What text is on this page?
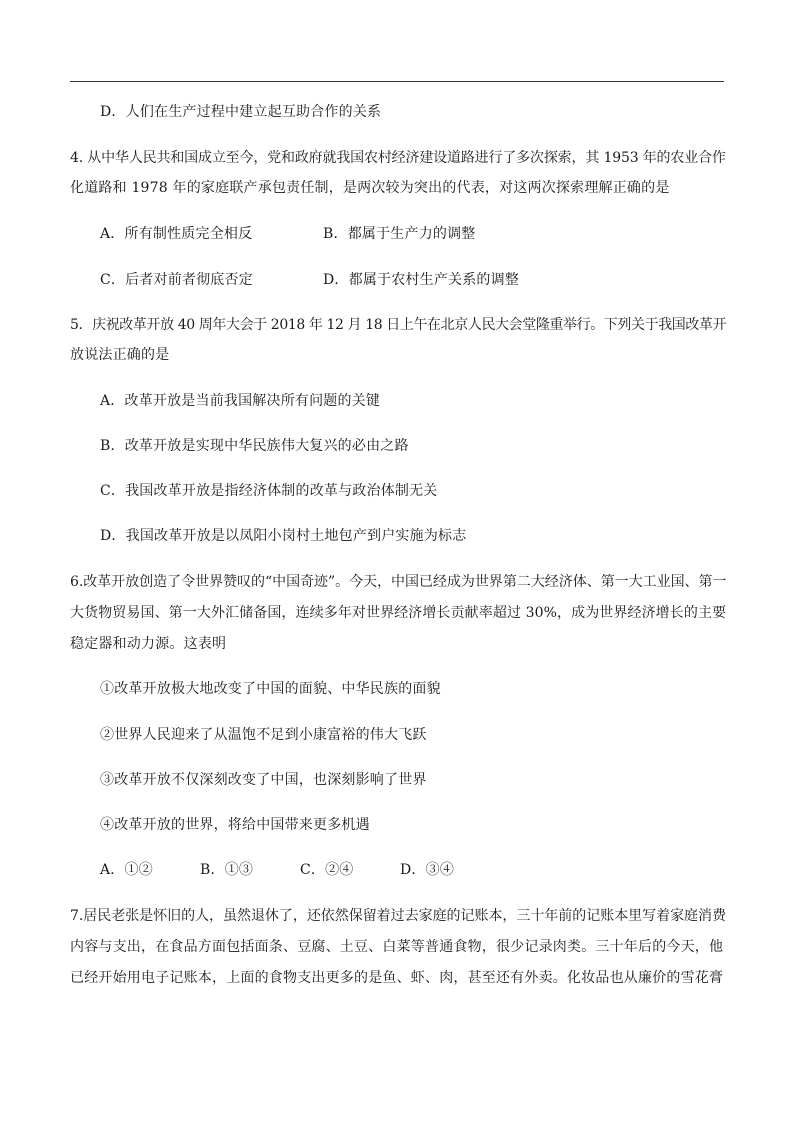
D．人们在生产过程中建立起互助合作的关系
4. 从中华人民共和国成立至今，党和政府就我国农村经济建设道路进行了多次探索，其 1953 年的农业合作
化道路和 1978 年的家庭联产承包责任制，是两次较为突出的代表，对这两次探索理解正确的是
A．所有制性质完全相反	B．都属于生产力的调整
C．后者对前者彻底否定	D．都属于农村生产关系的调整
5．庆祝改革开放 40 周年大会于 2018 年 12 月 18 日上午在北京人民大会堂隆重举行。下列关于我国改革开
放说法正确的是
A．改革开放是当前我国解决所有问题的关键
B．改革开放是实现中华民族伟大复兴的必由之路
C．我国改革开放是指经济体制的改革与政治体制无关
D．我国改革开放是以凤阳小岗村土地包产到户实施为标志
6.改革开放创造了令世界赞叹的“中国奇迹”。今天，中国已经成为世界第二大经济体、第一大工业国、第一
大货物贸易国、第一大外汇储备国，连续多年对世界经济增长贡献率超过 30%，成为世界经济增长的主要
稳定器和动力源。这表明
①改革开放极大地改变了中国的面貌、中华民族的面貌
②世界人民迎来了从温饱不足到小康富裕的伟大飞跃
③改革开放不仅深刻改变了中国，也深刻影响了世界
④改革开放的世界，将给中国带来更多机遇
A．①②	B．①③	C．②④	D．③④
7.居民老张是怀旧的人，虽然退休了，还依然保留着过去家庭的记账本，三十年前的记账本里写着家庭消费
内容与支出，在食品方面包括面条、豆腐、土豆、白菜等普通食物，很少记录肉类。三十年后的今天，他
已经开始用电子记账本，上面的食物支出更多的是鱼、虾、肉，甚至还有外卖。化妆品也从廉价的雪花膏
